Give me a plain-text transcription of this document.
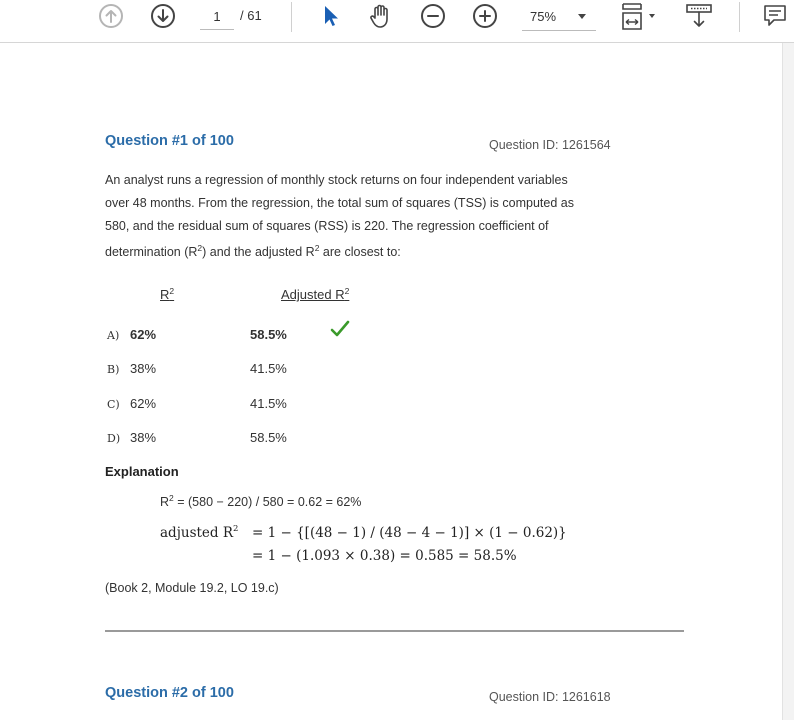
1 / 61	75%
Question #1 of 100	Question ID: 1261564
An analyst runs a regression of monthly stock returns on four independent variables
over 48 months. From the regression, the total sum of squares (TSS) is computed as
580, and the residual sum of squares (RSS) is 220. The regression coefficient of
determination $(R^2)$ and the adjusted $R^2$ are closest to:
$R^2$	Adjusted $R^2$
A) 62%	58.5%
B) 38%	41.5%
C) 62%	41.5%
D) 38%	58.5%
Explanation
$R^2 = (580 - 220) / 580 = 0.62 = 62\%$
adjusted $R^2 = 1 - \{[(48 - 1) / (48 - 4 - 1)] \times (1 - 0.62)\}$
= 1 − (1.093 × 0.38) = 0.585 = 58.5%
(Book 2, Module 19.2, LO 19.c)
Question #2 of 100	Question ID: 1261618
